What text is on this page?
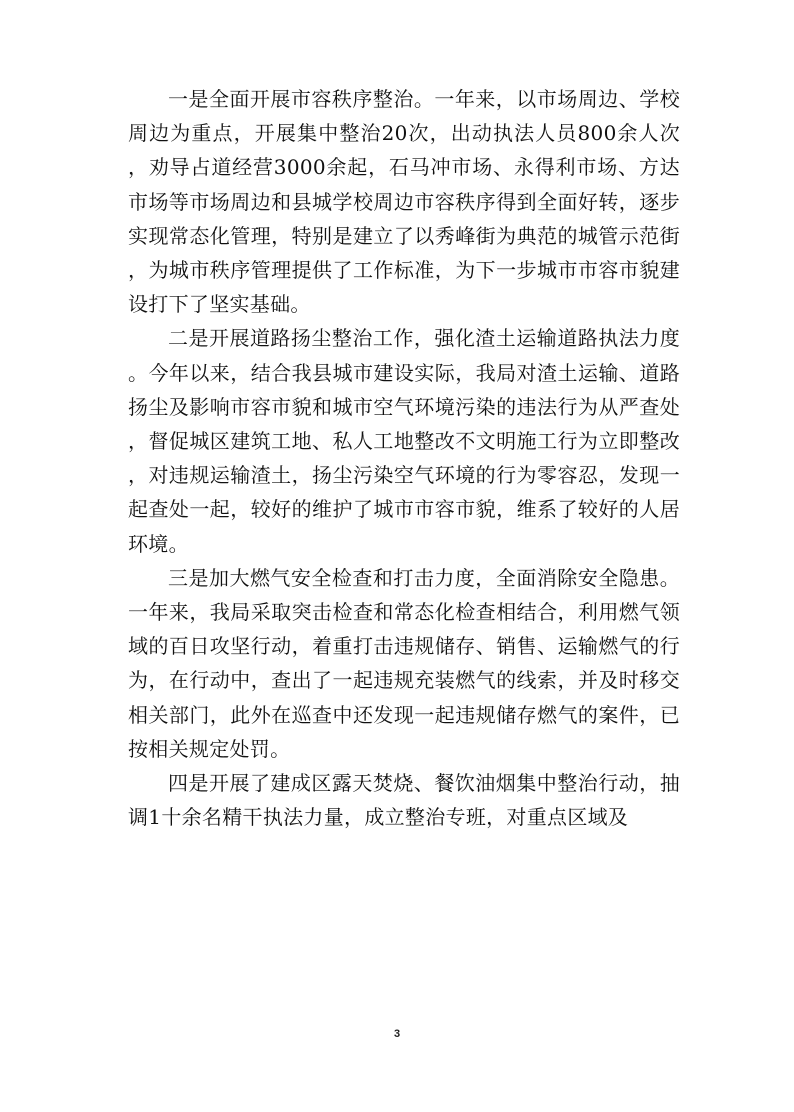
一是全面开展市容秩序整治。一年来，以市场周边、学校周边为重点，开展集中整治20次，出动执法人员800余人次，劝导占道经营3000余起，石马冲市场、永得利市场、方达市场等市场周边和县城学校周边市容秩序得到全面好转，逐步实现常态化管理，特别是建立了以秀峰街为典范的城管示范街，为城市秩序管理提供了工作标准，为下一步城市市容市貌建设打下了坚实基础。

二是开展道路扬尘整治工作，强化渣土运输道路执法力度。今年以来，结合我县城市建设实际，我局对渣土运输、道路扬尘及影响市容市貌和城市空气环境污染的违法行为从严查处，督促城区建筑工地、私人工地整改不文明施工行为立即整改，对违规运输渣土，扬尘污染空气环境的行为零容忍，发现一起查处一起，较好的维护了城市市容市貌，维系了较好的人居环境。

三是加大燃气安全检查和打击力度，全面消除安全隐患。一年来，我局采取突击检查和常态化检查相结合，利用燃气领域的百日攻坚行动，着重打击违规储存、销售、运输燃气的行为，在行动中，查出了一起违规充装燃气的线索，并及时移交相关部门，此外在巡查中还发现一起违规储存燃气的案件，已按相关规定处罚。

四是开展了建成区露天焚烧、餐饮油烟集中整治行动，抽调1十余名精干执法力量，成立整治专班，对重点区域及

3
